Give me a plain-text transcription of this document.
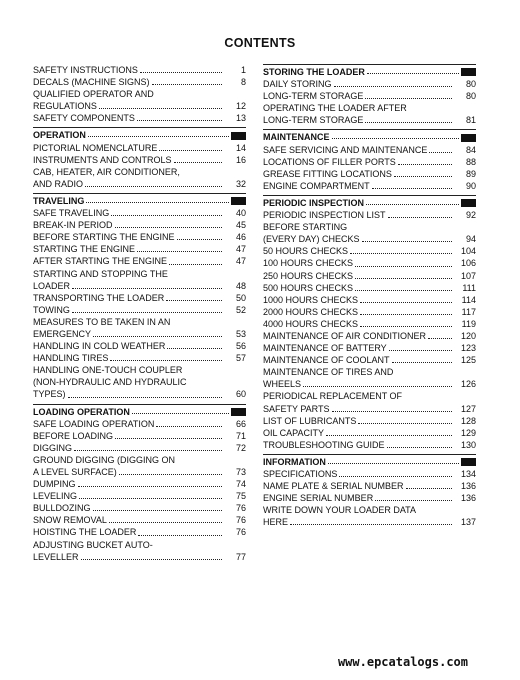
CONTENTS
SAFETY INSTRUCTIONS	1
DECALS (MACHINE SIGNS)	8
QUALIFIED OPERATOR AND
REGULATIONS	12
SAFETY COMPONENTS	13
OPERATION
PICTORIAL NOMENCLATURE	14
INSTRUMENTS AND CONTROLS	16
CAB, HEATER, AIR CONDITIONER,
AND RADIO	32
TRAVELING
SAFE TRAVELING	40
BREAK-IN PERIOD	45
BEFORE STARTING THE ENGINE	46
STARTING THE ENGINE	47
AFTER STARTING THE ENGINE	47
STARTING AND STOPPING THE
LOADER	48
TRANSPORTING THE LOADER	50
TOWING	52
MEASURES TO BE TAKEN IN AN
EMERGENCY	53
HANDLING IN COLD WEATHER	56
HANDLING TIRES	57
HANDLING ONE-TOUCH COUPLER
(NON-HYDRAULIC AND HYDRAULIC
TYPES)	60
LOADING OPERATION
SAFE LOADING OPERATION	66
BEFORE LOADING	71
DIGGING	72
GROUND DIGGING (DIGGING ON
A LEVEL SURFACE)	73
DUMPING	74
LEVELING	75
BULLDOZING	76
SNOW REMOVAL	76
HOISTING THE LOADER	76
ADJUSTING BUCKET AUTO-
LEVELLER	77
STORING THE LOADER
DAILY STORING	80
LONG-TERM STORAGE	80
OPERATING THE LOADER AFTER
LONG-TERM STORAGE	81
MAINTENANCE
SAFE SERVICING AND MAINTENANCE	84
LOCATIONS OF FILLER PORTS	88
GREASE FITTING LOCATIONS	89
ENGINE COMPARTMENT	90
PERIODIC INSPECTION
PERIODIC INSPECTION LIST	92
BEFORE STARTING
(EVERY DAY) CHECKS	94
50 HOURS CHECKS	104
100 HOURS CHECKS	106
250 HOURS CHECKS	107
500 HOURS CHECKS	111
1000 HOURS CHECKS	114
2000 HOURS CHECKS	117
4000 HOURS CHECKS	119
MAINTENANCE OF AIR CONDITIONER	120
MAINTENANCE OF BATTERY	123
MAINTENANCE OF COOLANT	125
MAINTENANCE OF TIRES AND
WHEELS	126
PERIODICAL REPLACEMENT OF
SAFETY PARTS	127
LIST OF LUBRICANTS	128
OIL CAPACITY	129
TROUBLESHOOTING GUIDE	130
INFORMATION
SPECIFICATIONS	134
NAME PLATE & SERIAL NUMBER	136
ENGINE SERIAL NUMBER	136
WRITE DOWN YOUR LOADER DATA
HERE	137
www.epcatalogs.com
